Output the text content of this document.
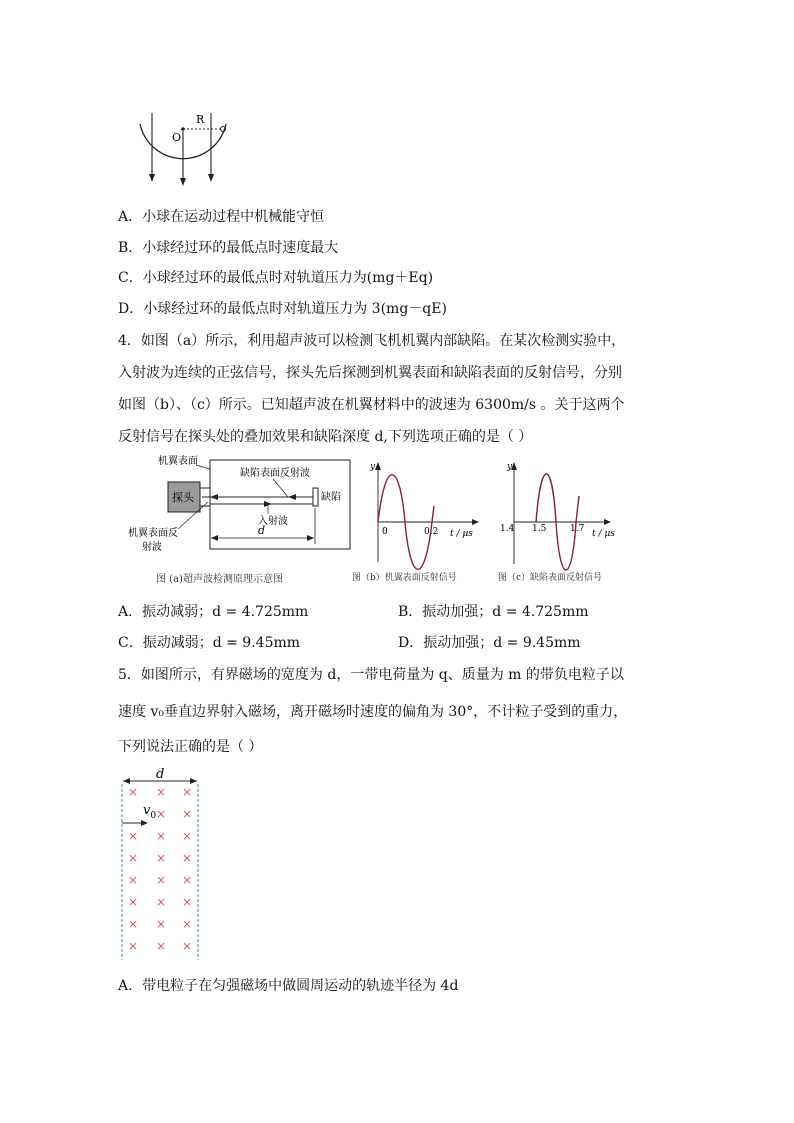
R
O
A．小球在运动过程中机械能守恒
B．小球经过环的最低点时速度最大
C．小球经过环的最低点时对轨道压力为(mg＋Eq)
D．小球经过环的最低点时对轨道压力为 3(mg－qE)
4．如图（a）所示，利用超声波可以检测飞机机翼内部缺陷。在某次检测实验中，
入射波为连续的正弦信号，探头先后探测到机翼表面和缺陷表面的反射信号，分别
如图（b）、（c）所示。已知超声波在机翼材料中的波速为 6300m/s 。关于这两个
反射信号在探头处的叠加效果和缺陷深度 d,下列选项正确的是（ ）
探头
机翼表面
缺陷表面反射波
缺陷
入射波
机翼表面反
射波
d
图 (a)超声波检测原理示意图
y
t / μs
0	0.2
图（b）机翼表面反射信号
y
t / μs
1.4 1.5	1.7
图（c）缺陷表面反射信号
A．振动减弱；d = 4.725mm	B．振动加强；d = 4.725mm
C．振动减弱；d = 9.45mm	D．振动加强；d = 9.45mm
5．如图所示，有界磁场的宽度为 d，一带电荷量为 q、质量为 m 的带负电粒子以
速度 v₀垂直边界射入磁场，离开磁场时速度的偏角为 30°，不计粒子受到的重力，
下列说法正确的是（ ）
d
$v_0$
× × ×
× ×
× × ×
× × ×
× × ×
× × ×
× × ×
× × ×
A．带电粒子在匀强磁场中做圆周运动的轨迹半径为 4d
